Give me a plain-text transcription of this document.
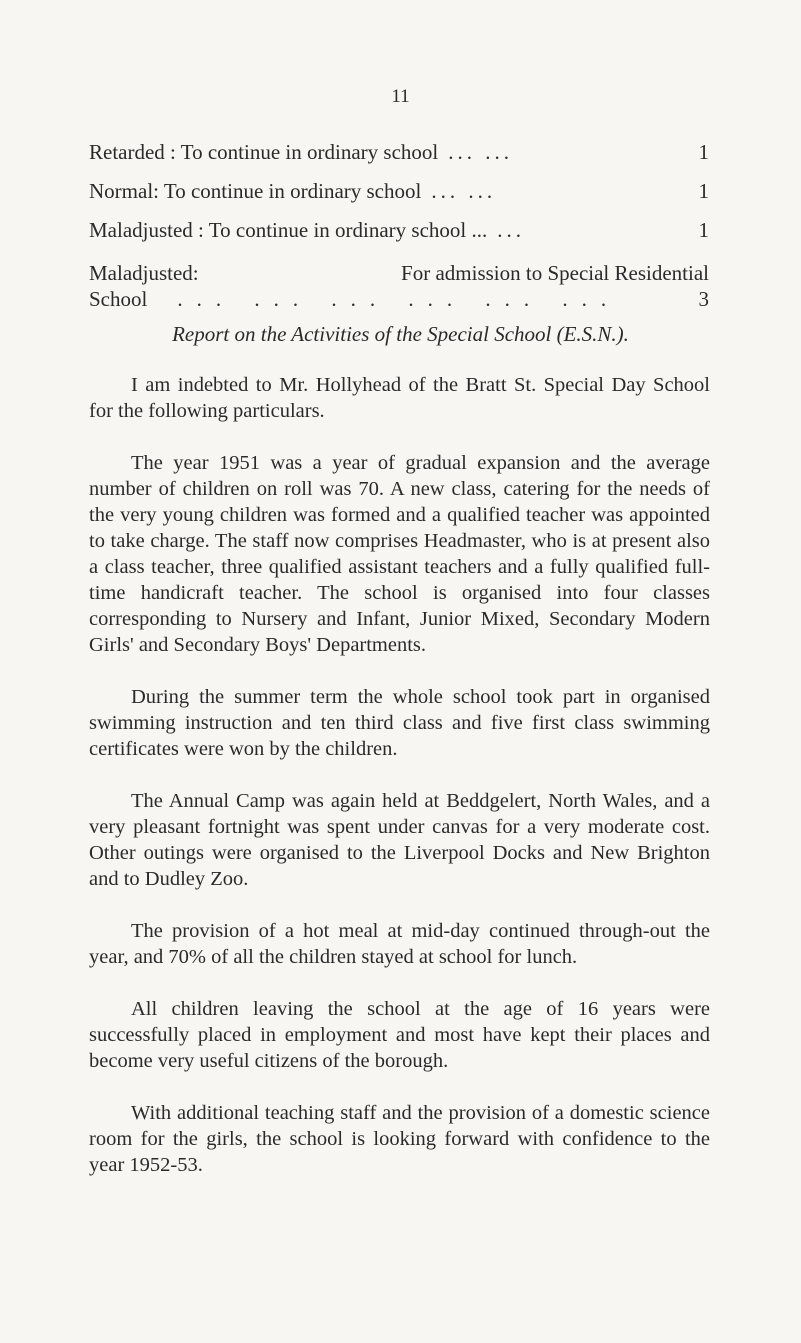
11
Retarded : To continue in ordinary school ... ...	1
Normal: To continue in ordinary school ... ...	1
Maladjusted : To continue in ordinary school ... ...	1
Maladjusted:	For admission to Special Residential
School	... ... ... ... ... ...	3
Report on the Activities of the Special School (E.S.N.).

I am indebted to Mr. Hollyhead of the Bratt St. Special Day School for the following particulars.

The year 1951 was a year of gradual expansion and the average number of children on roll was 70. A new class, catering for the needs of the very young children was formed and a qualified teacher was appointed to take charge. The staff now comprises Headmaster, who is at present also a class teacher, three qualified assistant teachers and a fully qualified full-time handicraft teacher. The school is organised into four classes corresponding to Nursery and Infant, Junior Mixed, Secondary Modern Girls' and Secondary Boys' Departments.

During the summer term the whole school took part in organised swimming instruction and ten third class and five first class swimming certificates were won by the children.

The Annual Camp was again held at Beddgelert, North Wales, and a very pleasant fortnight was spent under canvas for a very moderate cost. Other outings were organised to the Liverpool Docks and New Brighton and to Dudley Zoo.

The provision of a hot meal at mid-day continued through-out the year, and 70% of all the children stayed at school for lunch.

All children leaving the school at the age of 16 years were successfully placed in employment and most have kept their places and become very useful citizens of the borough.

With additional teaching staff and the provision of a domestic science room for the girls, the school is looking forward with confidence to the year 1952-53.
